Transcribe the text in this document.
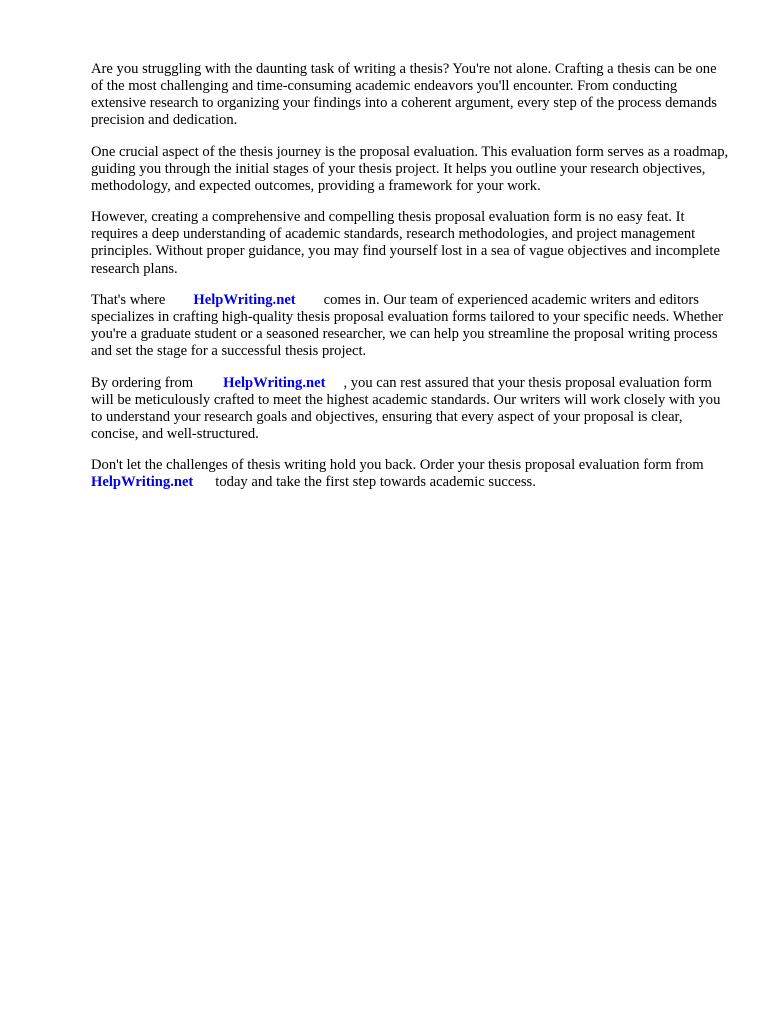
Are you struggling with the daunting task of writing a thesis? You're not alone. Crafting a thesis can be one of the most challenging and time-consuming academic endeavors you'll encounter. From conducting extensive research to organizing your findings into a coherent argument, every step of the process demands precision and dedication.

One crucial aspect of the thesis journey is the proposal evaluation. This evaluation form serves as a roadmap, guiding you through the initial stages of your thesis project. It helps you outline your research objectives, methodology, and expected outcomes, providing a framework for your work.

However, creating a comprehensive and compelling thesis proposal evaluation form is no easy feat. It requires a deep understanding of academic standards, research methodologies, and project management principles. Without proper guidance, you may find yourself lost in a sea of vague objectives and incomplete research plans.

That's where HelpWriting.net comes in. Our team of experienced academic writers and editors specializes in crafting high-quality thesis proposal evaluation forms tailored to your specific needs. Whether you're a graduate student or a seasoned researcher, we can help you streamline the proposal writing process and set the stage for a successful thesis project.

By ordering from HelpWriting.net , you can rest assured that your thesis proposal evaluation form will be meticulously crafted to meet the highest academic standards. Our writers will work closely with you to understand your research goals and objectives, ensuring that every aspect of your proposal is clear, concise, and well-structured.

Don't let the challenges of thesis writing hold you back. Order your thesis proposal evaluation form fromHelpWriting.net today and take the first step towards academic success.
